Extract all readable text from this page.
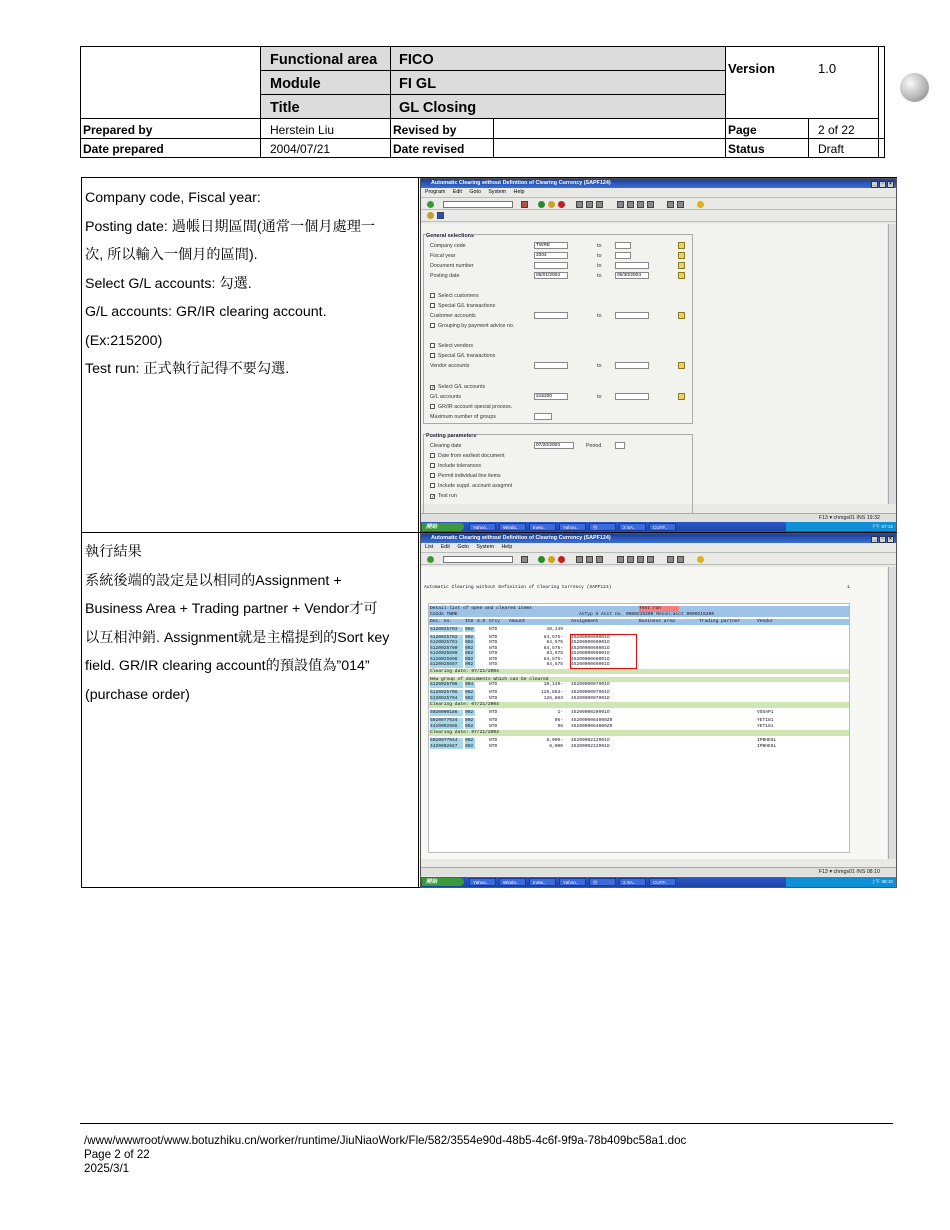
Functional area FICO
Module	FI GL
Title	GL Closing
Version	1.0
Prepared by	Herstein Liu	Revised by	Page	2 of 22
Date prepared	2004/07/21	Date revised	Status	Draft

Company code, Fiscal year:

Posting date: 過帳日期區間(通常一個月處理一

次, 所以輸入一個月的區間).

Select G/L accounts: 勾選.

G/L accounts: GR/IR clearing account.

(Ex:215200)

Test run: 正式執行記得不要勾選.

執行結果

系統後端的設定是以相同的Assignment +

Business Area + Trading partner + Vendor才可

以互相沖銷. Assignment就是主檔提到的Sort key

field. GR/IR clearing account的預設值為”014”

(purchase order)

Automatic Clearing without Definition of Clearing Currency (SAPF124)	_ ▫ ×
Program Edit Goto System Help
General selections
Company code	TWRE	to
Fiscal year	2004	to
Document number	to
Posting date	06/01/2004	to	06/30/2004
Select customers
Special G/L transactions
Customer accounts	to
Grouping by payment advice no.
Select vendors
Special G/L transactions
Vendor accounts	to
✓ Select G/L accounts
G/L accounts	215200	to
GR/IR account special process.
Maximum number of groups
Posting parameters
Clearing date	07/20/2004	Period
Date from earliest document
Include tolerances
Permit individual line items
Include suppl. account assgmnt
✓ Test run
F13 ▾ chmgs01 INS 19:32
開始	Yahoo..	Windo..	Inetu..	Yahoo..	拉	2 SA..	CUTF..	下午 07:12
Automatic Clearing without Definition of Clearing Currency (SAPF124)	_ ▫ ×
List Edit Goto System Help
Automatic Clearing without Definition of Clearing Currency (SAPF124)	1
Detail list of open and cleared items	Test run
CoCde TWRE	AcTyp S Acct no. 0000215200 Recon.acct 0000215200
Doc. no.	Itm S.G Crcy	Amount	Assignment	Business area	Trading partner	Vendor
5120025703	002	NTD	10,149
5120025702	002	NTD	84,575- 4520000060001O
5120025701	002	NTD	84,575 4520000060001O
5120025700	002	NTD	84,575- 4520000060001O
5120025699	002	NTD	84,575 4520000060001O
5120025698	002	NTD	84,575- 4520000060001O
5120025697	002	NTD	84,575 4520000060001O
Clearing date: 07/21/2004
New group of documents which can be cleared
5120025706	004	NTD	10,149- 4520000097001O
5120025706	002	NTD	126,863- 4520000097001O
5120025704	002	NTD	126,863 4520000097001O
Clearing date: 07/21/2004
5020000186	002	NTD	1- 4520000020001O	VOSAP1
5020077034	002	NTD	96- 4520000064000Z0	YET181
4420002666	002	NTD	96 4520000064000Z0	YET181
Clearing date: 07/21/2004
5020077044	002	NTD	8,000- 4520000212001O	IPBHE9L
4420002667	002	NTD	8,000 4520000212001O	IPBHE9L
F13 ▾ chmgs01 INS 08:10
開始	Yahoo..	Windo..	Inetu..	Yahoo..	拉	2 SA..	CUTF..	上午 08:10
/www/wwwroot/www.botuzhiku.cn/worker/runtime/JiuNiaoWork/Fle/582/3554e90d-48b5-4c6f-9f9a-78b409bc58a1.doc
Page 2 of 22
2025/3/1
